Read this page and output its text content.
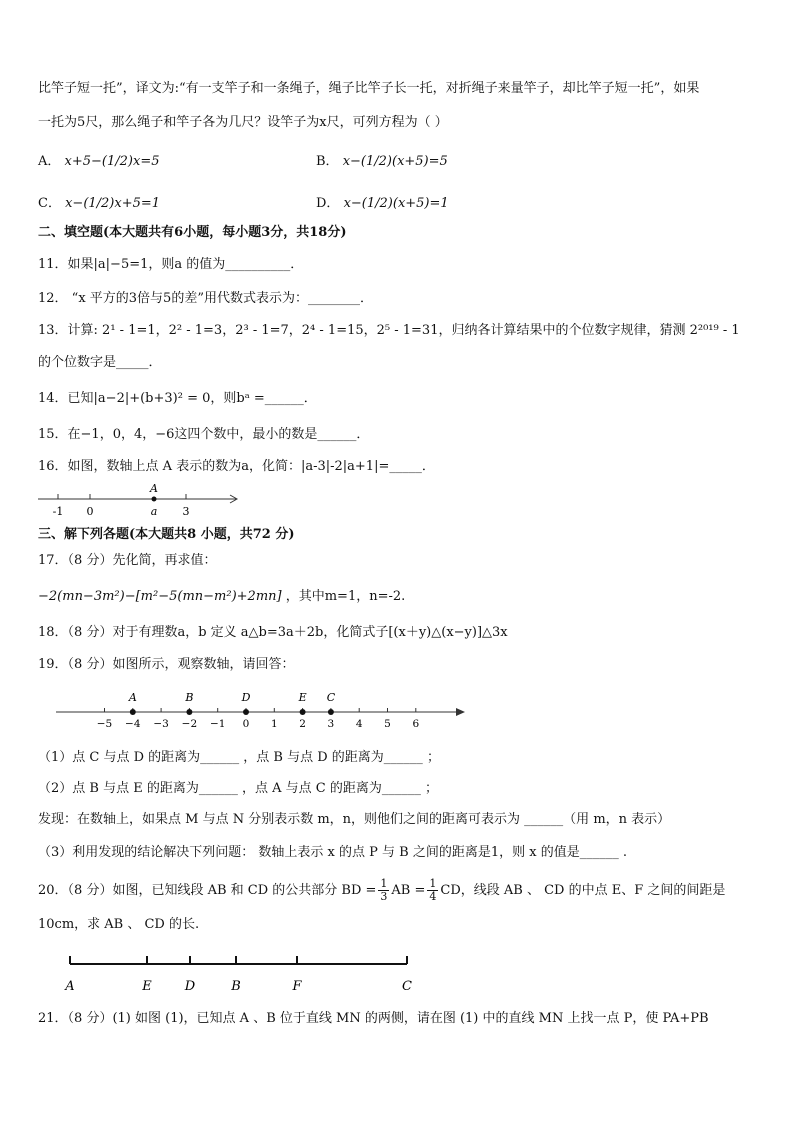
比竿子短一托”，译文为:“有一支竿子和一条绳子，绳子比竿子长一托，对折绳子来量竿子，却比竿子短一托”，如果
一托为5尺，那么绳子和竿子各为几尺？设竿子为x尺，可列方程为（ ）
A． x+5−(1/2)x=5	B． x−(1/2)(x+5)=5
C． x−(1/2)x+5=1	D． x−(1/2)(x+5)=1
二、填空题(本大题共有6小题，每小题3分，共18分)
11．如果|a|−5=1，则a 的值为__________．
12． “x 平方的3倍与5的差”用代数式表示为：________．
13．计算: 2¹ - 1=1，2² - 1=3，2³ - 1=7，2⁴ - 1=15，2⁵ - 1=31，归纳各计算结果中的个位数字规律，猜测 2²⁰¹⁹ - 1
的个位数字是_____．
14．已知|a−2|+(b+3)² = 0，则bᵃ =______．
15．在−1，0，4，−6这四个数中，最小的数是______．
16．如图，数轴上点 A 表示的数为a，化简：|a-3|-2|a+1|=_____．
-1 0	3
A
a
三、解下列各题(本大题共8 小题，共72 分)
17．（8 分）先化简，再求值：
−2(mn−3m²)−[m²−5(mn−m²)+2mn] ，其中m=1，n=-2.
18．（8 分）对于有理数a，b 定义 a△b=3a＋2b，化简式子[(x＋y)△(x−y)]△3x
19．（8 分）如图所示，观察数轴，请回答：
−5 −4 −3 −2 −1 0 1 2 3 4 5 6
A	B	D	E C
（1）点 C 与点 D 的距离为______ ，点 B 与点 D 的距离为______ ；
（2）点 B 与点 E 的距离为______ ，点 A 与点 C 的距离为______ ；
发现：在数轴上，如果点 M 与点 N 分别表示数 m，n，则他们之间的距离可表示为 ______（用 m，n 表示）
（3）利用发现的结论解决下列问题： 数轴上表示 x 的点 P 与 B 之间的距离是1，则 x 的值是______ .
20．（8 分）如图，已知线段 AB 和 CD 的公共部分 BD = $\frac{1}{3}$ AB = $\frac{1}{4}$ CD，线段 AB 、 CD 的中点 E、F 之间的间距是
10cm，求 AB 、 CD 的长.
A	E	D	B	F	C
21．（8 分）(1) 如图 (1)，已知点 A 、B 位于直线 MN 的两侧，请在图 (1) 中的直线 MN 上找一点 P，使 PA+PB
